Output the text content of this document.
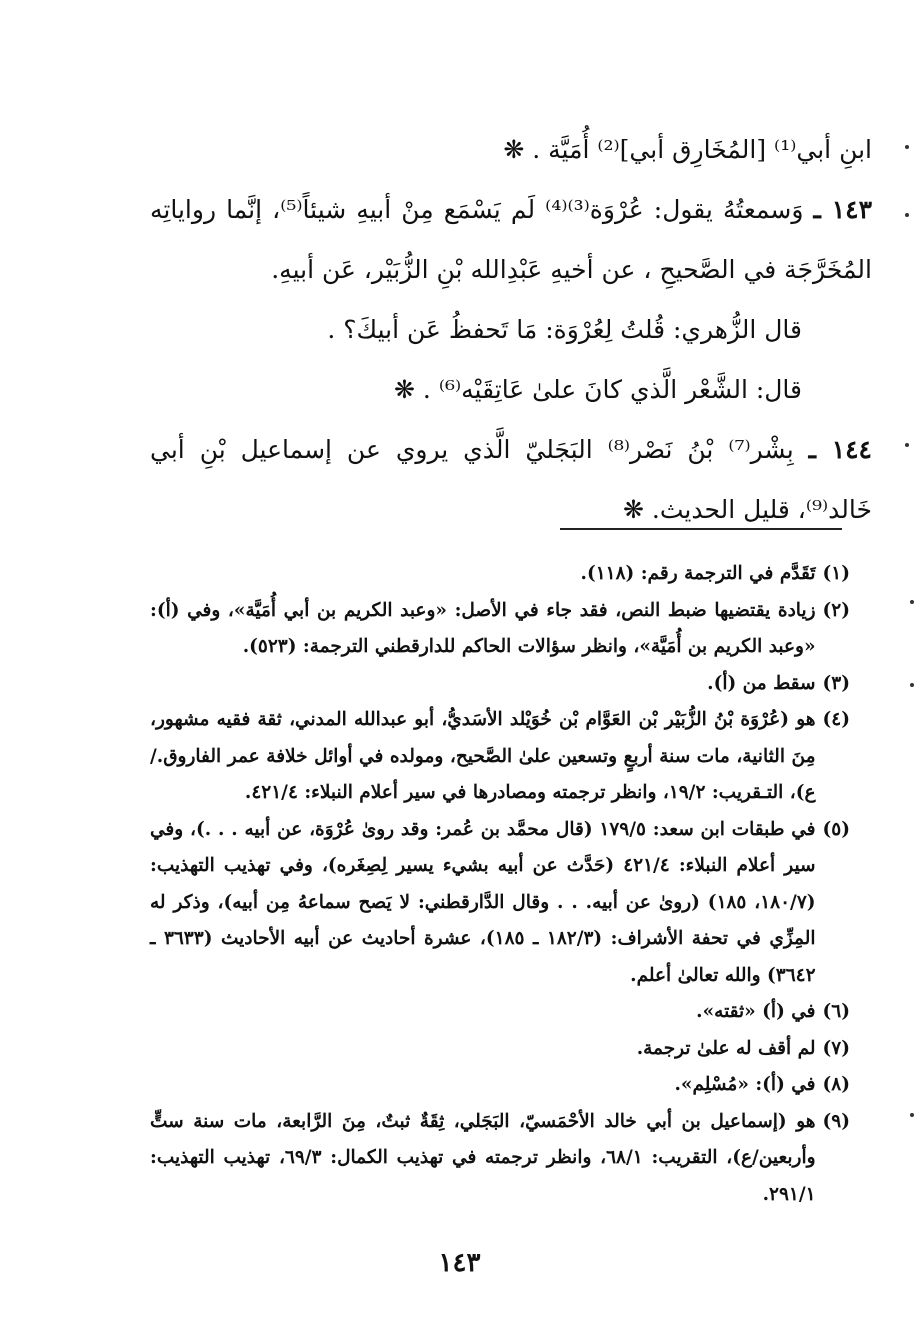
ابنِ أبي⁽¹⁾ [المُخَارِق أبي]⁽²⁾ أُمَيَّة . ❋

١٤٣ ـ وَسمعتُهُ يقول: عُرْوَة⁽³⁾⁽⁴⁾ لَم يَسْمَع مِنْ أبيهِ شيئاً⁽⁵⁾، إنَّما رواياتِه المُخَرَّجَة في الصَّحيحِ ، عن أخيهِ عَبْدِالله بْنِ الزُّبَيْر، عَن أبيهِ.

قال الزُّهري: قُلتُ لِعُرْوَة: مَا تَحفظُ عَن أبيكَ؟ .

قال: الشَّعْر الَّذي كانَ علىٰ عَاتِقَيْه⁽⁶⁾ . ❋

١٤٤ ـ بِشْر⁽⁷⁾ بْنُ نَصْر⁽⁸⁾ البَجَليّ الَّذي يروي عن إسماعيل بْنِ أبي خَالد⁽⁹⁾، قليل الحديث. ❋

(١)
تَقَدَّم في الترجمة رقم: (١١٨).
(٢)
زيادة يقتضيها ضبط النص، فقد جاء في الأصل: «وعبد الكريم بن أبي أُمَيَّة»، وفي (أ): «وعبد الكريم بن أُمَيَّة»، وانظر سؤالات الحاكم للدارقطني الترجمة: (٥٢٣).
(٣)
سقط من (أ).
(٤)
هو (عُرْوَة بْنُ الزُّبَيْر بْن العَوَّام بْن خُوَيْلد الأسَديُّ، أبو عبدالله المدني، ثقة فقيه مشهور، مِنَ الثانية، مات سنة أربعٍ وتسعين علىٰ الصَّحيح، ومولده في أوائل خلافة عمر الفاروق./ع)، التـقريب: ١٩/٢، وانظر ترجمته ومصادرها في سير أعلام النبلاء: ٤٢١/٤.
(٥)
في طبقات ابن سعد: ١٧٩/٥ (قال محمَّد بن عُمر: وقد روىٰ عُرْوَة، عن أبيه . . .)، وفي سير أعلام النبلاء: ٤٢١/٤ (حَدَّث عن أبيه بشيء يسير لِصِغَره)، وفي تهذيب التهذيب: (١٨٠/٧، ١٨٥) (روىٰ عن أبيه. . . وقال الدَّارقطني: لا يَصح سماعهُ مِن أبيه)، وذكر له المِزِّي في تحفة الأشراف: (١٨٢/٣ ـ ١٨٥)، عشرة أحاديث عن أبيه الأحاديث (٣٦٣٣ ـ ٣٦٤٢) والله تعالىٰ أعلم.
(٦)
في (أ) «ثقته».
(٧)
لم أقف له علىٰ ترجمة.
(٨)
في (أ): «مُسْلِم».
(٩)
هو (إسماعيل بن أبي خالد الأحْمَسيّ، البَجَلي، ثِقَةٌ ثبتٌ، مِنَ الرَّابعة، مات سنة ستٍّ وأربعين/ع)، التقريب: ٦٨/١، وانظر ترجمته في تهذيب الكمال: ٦٩/٣، تهذيب التهذيب: ٢٩١/١.
١٤٣
